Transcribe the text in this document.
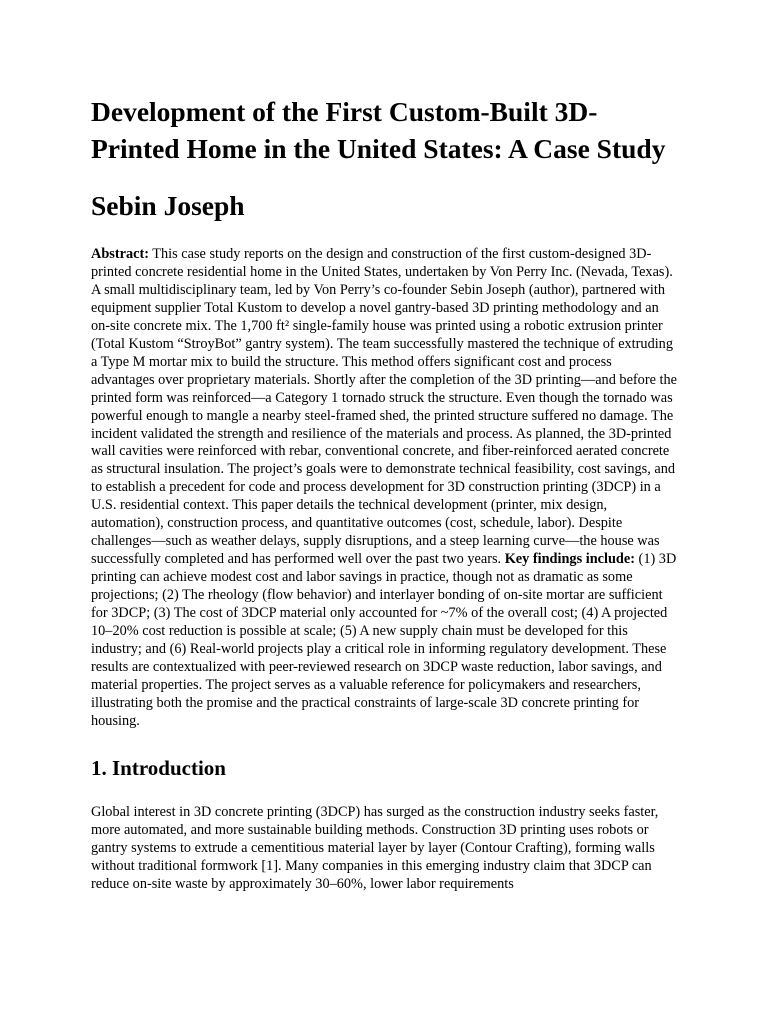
Development of the First Custom-Built 3D-Printed Home in the United States: A Case Study
Sebin Joseph

Abstract: This case study reports on the design and construction of the first custom-designed 3D-printed concrete residential home in the United States, undertaken by Von Perry Inc. (Nevada, Texas). A small multidisciplinary team, led by Von Perry’s co-founder Sebin Joseph (author), partnered with equipment supplier Total Kustom to develop a novel gantry-based 3D printing methodology and an on-site concrete mix. The 1,700 ft² single-family house was printed using a robotic extrusion printer (Total Kustom “StroyBot” gantry system). The team successfully mastered the technique of extruding a Type M mortar mix to build the structure. This method offers significant cost and process advantages over proprietary materials. Shortly after the completion of the 3D printing—and before the printed form was reinforced—a Category 1 tornado struck the structure. Even though the tornado was powerful enough to mangle a nearby steel-framed shed, the printed structure suffered no damage. The incident validated the strength and resilience of the materials and process. As planned, the 3D-printed wall cavities were reinforced with rebar, conventional concrete, and fiber-reinforced aerated concrete as structural insulation. The project’s goals were to demonstrate technical feasibility, cost savings, and to establish a precedent for code and process development for 3D construction printing (3DCP) in a U.S. residential context. This paper details the technical development (printer, mix design, automation), construction process, and quantitative outcomes (cost, schedule, labor). Despite challenges—such as weather delays, supply disruptions, and a steep learning curve—the house was successfully completed and has performed well over the past two years. Key findings include: (1) 3D printing can achieve modest cost and labor savings in practice, though not as dramatic as some projections; (2) The rheology (flow behavior) and interlayer bonding of on-site mortar are sufficient for 3DCP; (3) The cost of 3DCP material only accounted for ~7% of the overall cost; (4) A projected 10–20% cost reduction is possible at scale; (5) A new supply chain must be developed for this industry; and (6) Real-world projects play a critical role in informing regulatory development. These results are contextualized with peer-reviewed research on 3DCP waste reduction, labor savings, and material properties. The project serves as a valuable reference for policymakers and researchers, illustrating both the promise and the practical constraints of large-scale 3D concrete printing for housing.

1. Introduction

Global interest in 3D concrete printing (3DCP) has surged as the construction industry seeks faster, more automated, and more sustainable building methods. Construction 3D printing uses robots or gantry systems to extrude a cementitious material layer by layer (Contour Crafting), forming walls without traditional formwork [1]. Many companies in this emerging industry claim that 3DCP can reduce on-site waste by approximately 30–60%, lower labor requirements
